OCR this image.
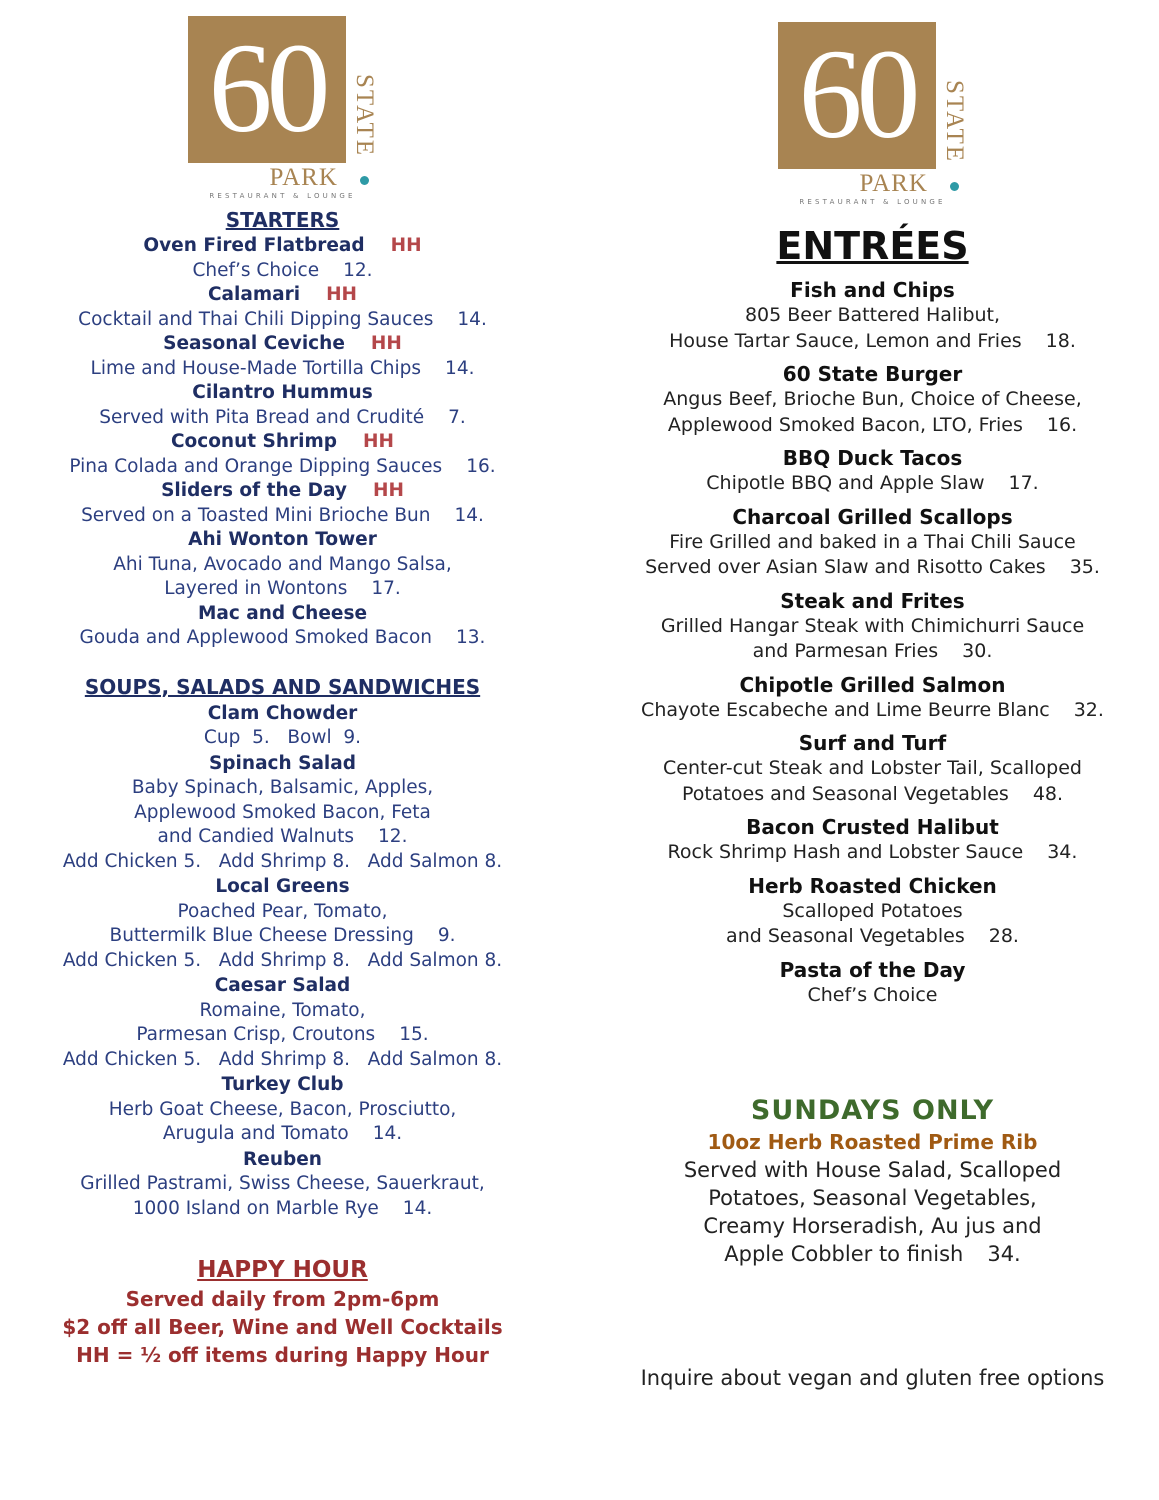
60	STATE
PARK
RESTAURANT & LOUNGE
STARTERS
Oven Fired Flatbread HH
Chef’s Choice 12.
Calamari HH
Cocktail and Thai Chili Dipping Sauces 14.
Seasonal Ceviche HH
Lime and House-Made Tortilla Chips 14.
Cilantro Hummus
Served with Pita Bread and Crudité 7.
Coconut Shrimp HH
Pina Colada and Orange Dipping Sauces 16.
Sliders of the Day HH
Served on a Toasted Mini Brioche Bun 14.
Ahi Wonton Tower
Ahi Tuna, Avocado and Mango Salsa,
Layered in Wontons 17.
Mac and Cheese
Gouda and Applewood Smoked Bacon 13.
SOUPS, SALADS AND SANDWICHES
Clam Chowder
Cup  5.   Bowl  9.
Spinach Salad
Baby Spinach, Balsamic, Apples,
Applewood Smoked Bacon, Feta
and Candied Walnuts 12.
Add Chicken 5.   Add Shrimp 8.   Add Salmon 8.
Local Greens
Poached Pear, Tomato,
Buttermilk Blue Cheese Dressing 9.
Add Chicken 5.   Add Shrimp 8.   Add Salmon 8.
Caesar Salad
Romaine, Tomato,
Parmesan Crisp, Croutons 15.
Add Chicken 5.   Add Shrimp 8.   Add Salmon 8.
Turkey Club
Herb Goat Cheese, Bacon, Prosciutto,
Arugula and Tomato 14.
Reuben
Grilled Pastrami, Swiss Cheese, Sauerkraut,
1000 Island on Marble Rye 14.
HAPPY HOUR
Served daily from 2pm-6pm
$2 off all Beer, Wine and Well Cocktails
HH = ½ off items during Happy Hour
60	STATE
PARK
RESTAURANT & LOUNGE
ENTRÉES
Fish and Chips
805 Beer Battered Halibut,
House Tartar Sauce, Lemon and Fries 18.
60 State Burger
Angus Beef, Brioche Bun, Choice of Cheese,
Applewood Smoked Bacon, LTO, Fries 16.
BBQ Duck Tacos
Chipotle BBQ and Apple Slaw 17.
Charcoal Grilled Scallops
Fire Grilled and baked in a Thai Chili Sauce
Served over Asian Slaw and Risotto Cakes 35.
Steak and Frites
Grilled Hangar Steak with Chimichurri Sauce
and Parmesan Fries 30.
Chipotle Grilled Salmon
Chayote Escabeche and Lime Beurre Blanc 32.
Surf and Turf
Center-cut Steak and Lobster Tail, Scalloped
Potatoes and Seasonal Vegetables 48.
Bacon Crusted Halibut
Rock Shrimp Hash and Lobster Sauce 34.
Herb Roasted Chicken
Scalloped Potatoes
and Seasonal Vegetables 28.
Pasta of the Day
Chef’s Choice
SUNDAYS ONLY
10oz Herb Roasted Prime Rib
Served with House Salad, Scalloped
Potatoes, Seasonal Vegetables,
Creamy Horseradish, Au jus and
Apple Cobbler to finish 34.
Inquire about vegan and gluten free options
